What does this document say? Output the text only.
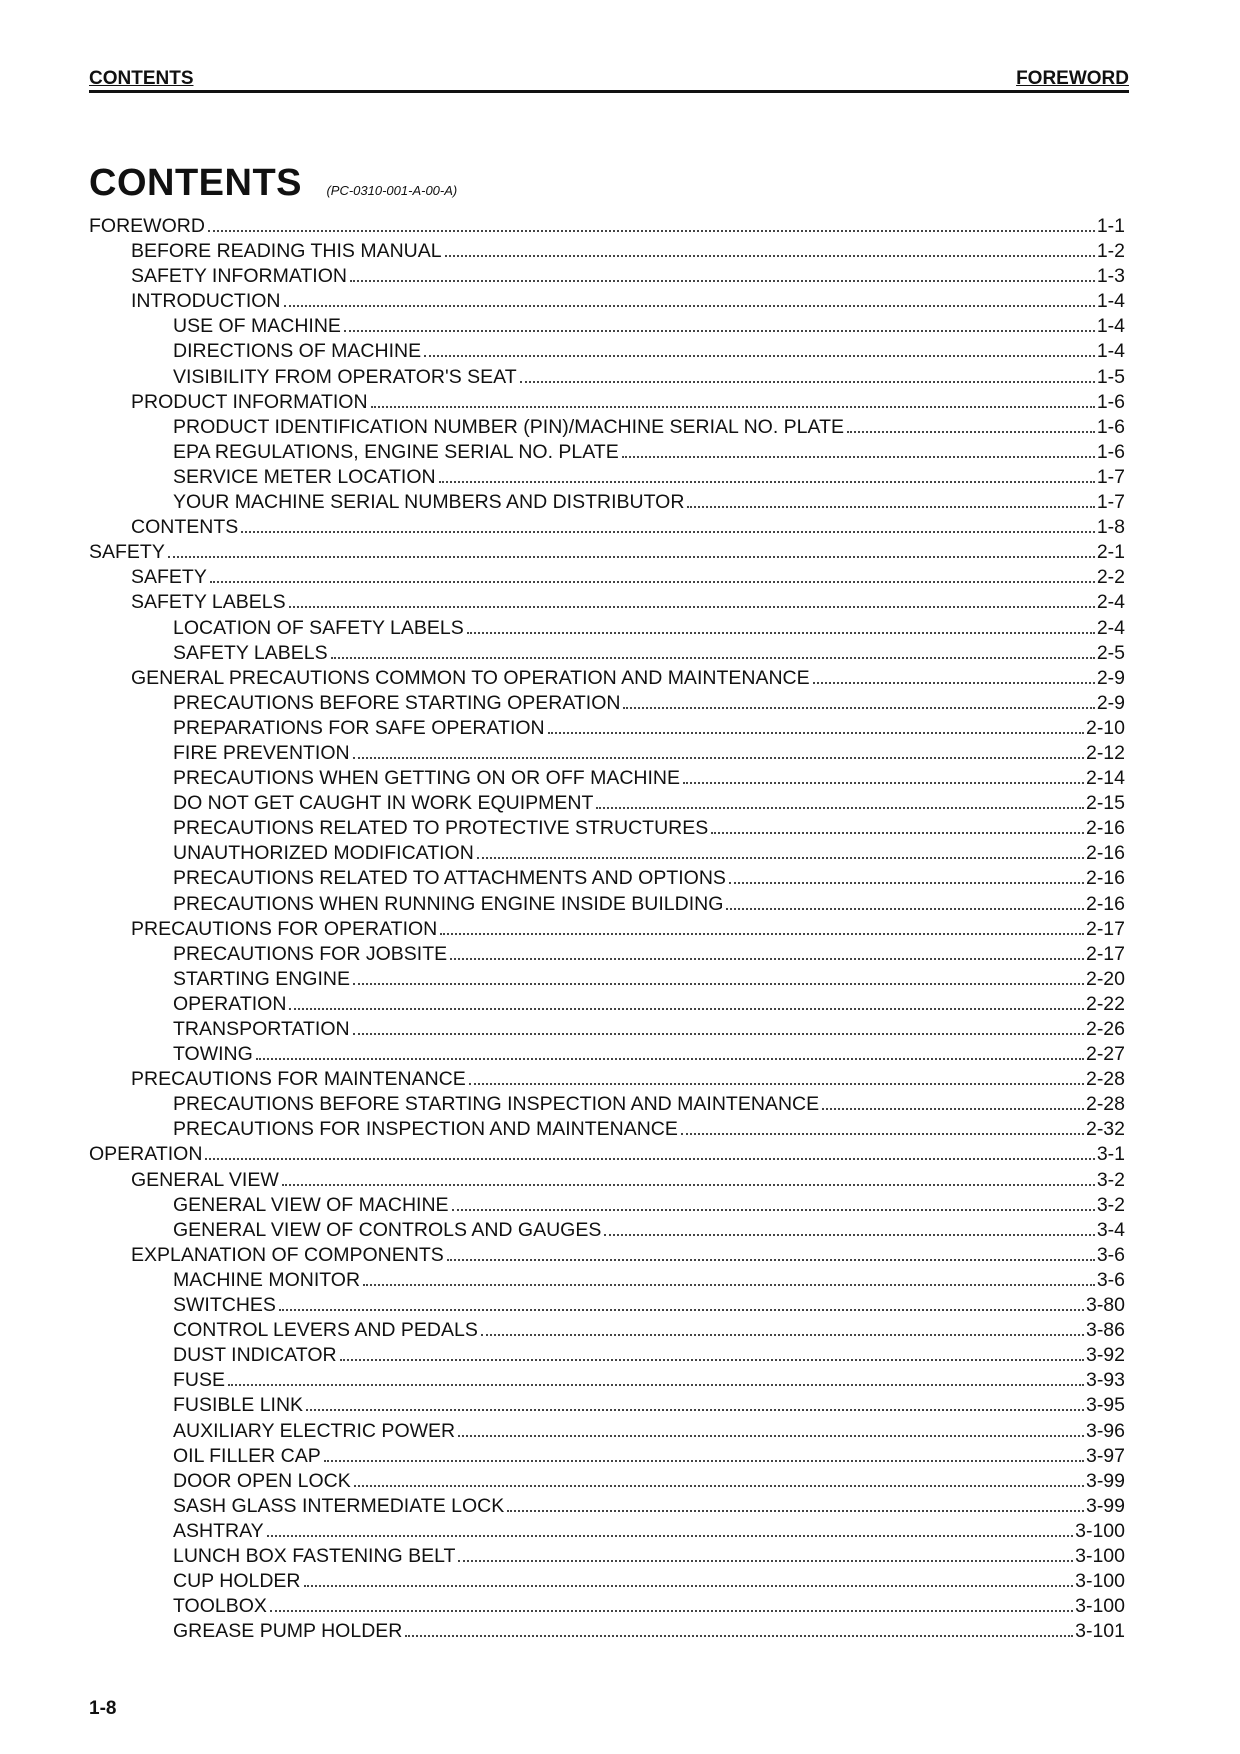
CONTENTS	FOREWORD
CONTENTS (PC-0310-001-A-00-A)
FOREWORD	1-1
BEFORE READING THIS MANUAL	1-2
SAFETY INFORMATION	1-3
INTRODUCTION	1-4
USE OF MACHINE	1-4
DIRECTIONS OF MACHINE	1-4
VISIBILITY FROM OPERATOR'S SEAT	1-5
PRODUCT INFORMATION	1-6
PRODUCT IDENTIFICATION NUMBER (PIN)/MACHINE SERIAL NO. PLATE	1-6
EPA REGULATIONS, ENGINE SERIAL NO. PLATE	1-6
SERVICE METER LOCATION	1-7
YOUR MACHINE SERIAL NUMBERS AND DISTRIBUTOR	1-7
CONTENTS	1-8
SAFETY	2-1
SAFETY	2-2
SAFETY LABELS	2-4
LOCATION OF SAFETY LABELS	2-4
SAFETY LABELS	2-5
GENERAL PRECAUTIONS COMMON TO OPERATION AND MAINTENANCE	2-9
PRECAUTIONS BEFORE STARTING OPERATION	2-9
PREPARATIONS FOR SAFE OPERATION	2-10
FIRE PREVENTION	2-12
PRECAUTIONS WHEN GETTING ON OR OFF MACHINE	2-14
DO NOT GET CAUGHT IN WORK EQUIPMENT	2-15
PRECAUTIONS RELATED TO PROTECTIVE STRUCTURES	2-16
UNAUTHORIZED MODIFICATION	2-16
PRECAUTIONS RELATED TO ATTACHMENTS AND OPTIONS	2-16
PRECAUTIONS WHEN RUNNING ENGINE INSIDE BUILDING	2-16
PRECAUTIONS FOR OPERATION	2-17
PRECAUTIONS FOR JOBSITE	2-17
STARTING ENGINE	2-20
OPERATION	2-22
TRANSPORTATION	2-26
TOWING	2-27
PRECAUTIONS FOR MAINTENANCE	2-28
PRECAUTIONS BEFORE STARTING INSPECTION AND MAINTENANCE	2-28
PRECAUTIONS FOR INSPECTION AND MAINTENANCE	2-32
OPERATION	3-1
GENERAL VIEW	3-2
GENERAL VIEW OF MACHINE	3-2
GENERAL VIEW OF CONTROLS AND GAUGES	3-4
EXPLANATION OF COMPONENTS	3-6
MACHINE MONITOR	3-6
SWITCHES	3-80
CONTROL LEVERS AND PEDALS	3-86
DUST INDICATOR	3-92
FUSE	3-93
FUSIBLE LINK	3-95
AUXILIARY ELECTRIC POWER	3-96
OIL FILLER CAP	3-97
DOOR OPEN LOCK	3-99
SASH GLASS INTERMEDIATE LOCK	3-99
ASHTRAY	3-100
LUNCH BOX FASTENING BELT	3-100
CUP HOLDER	3-100
TOOLBOX	3-100
GREASE PUMP HOLDER	3-101
1-8
